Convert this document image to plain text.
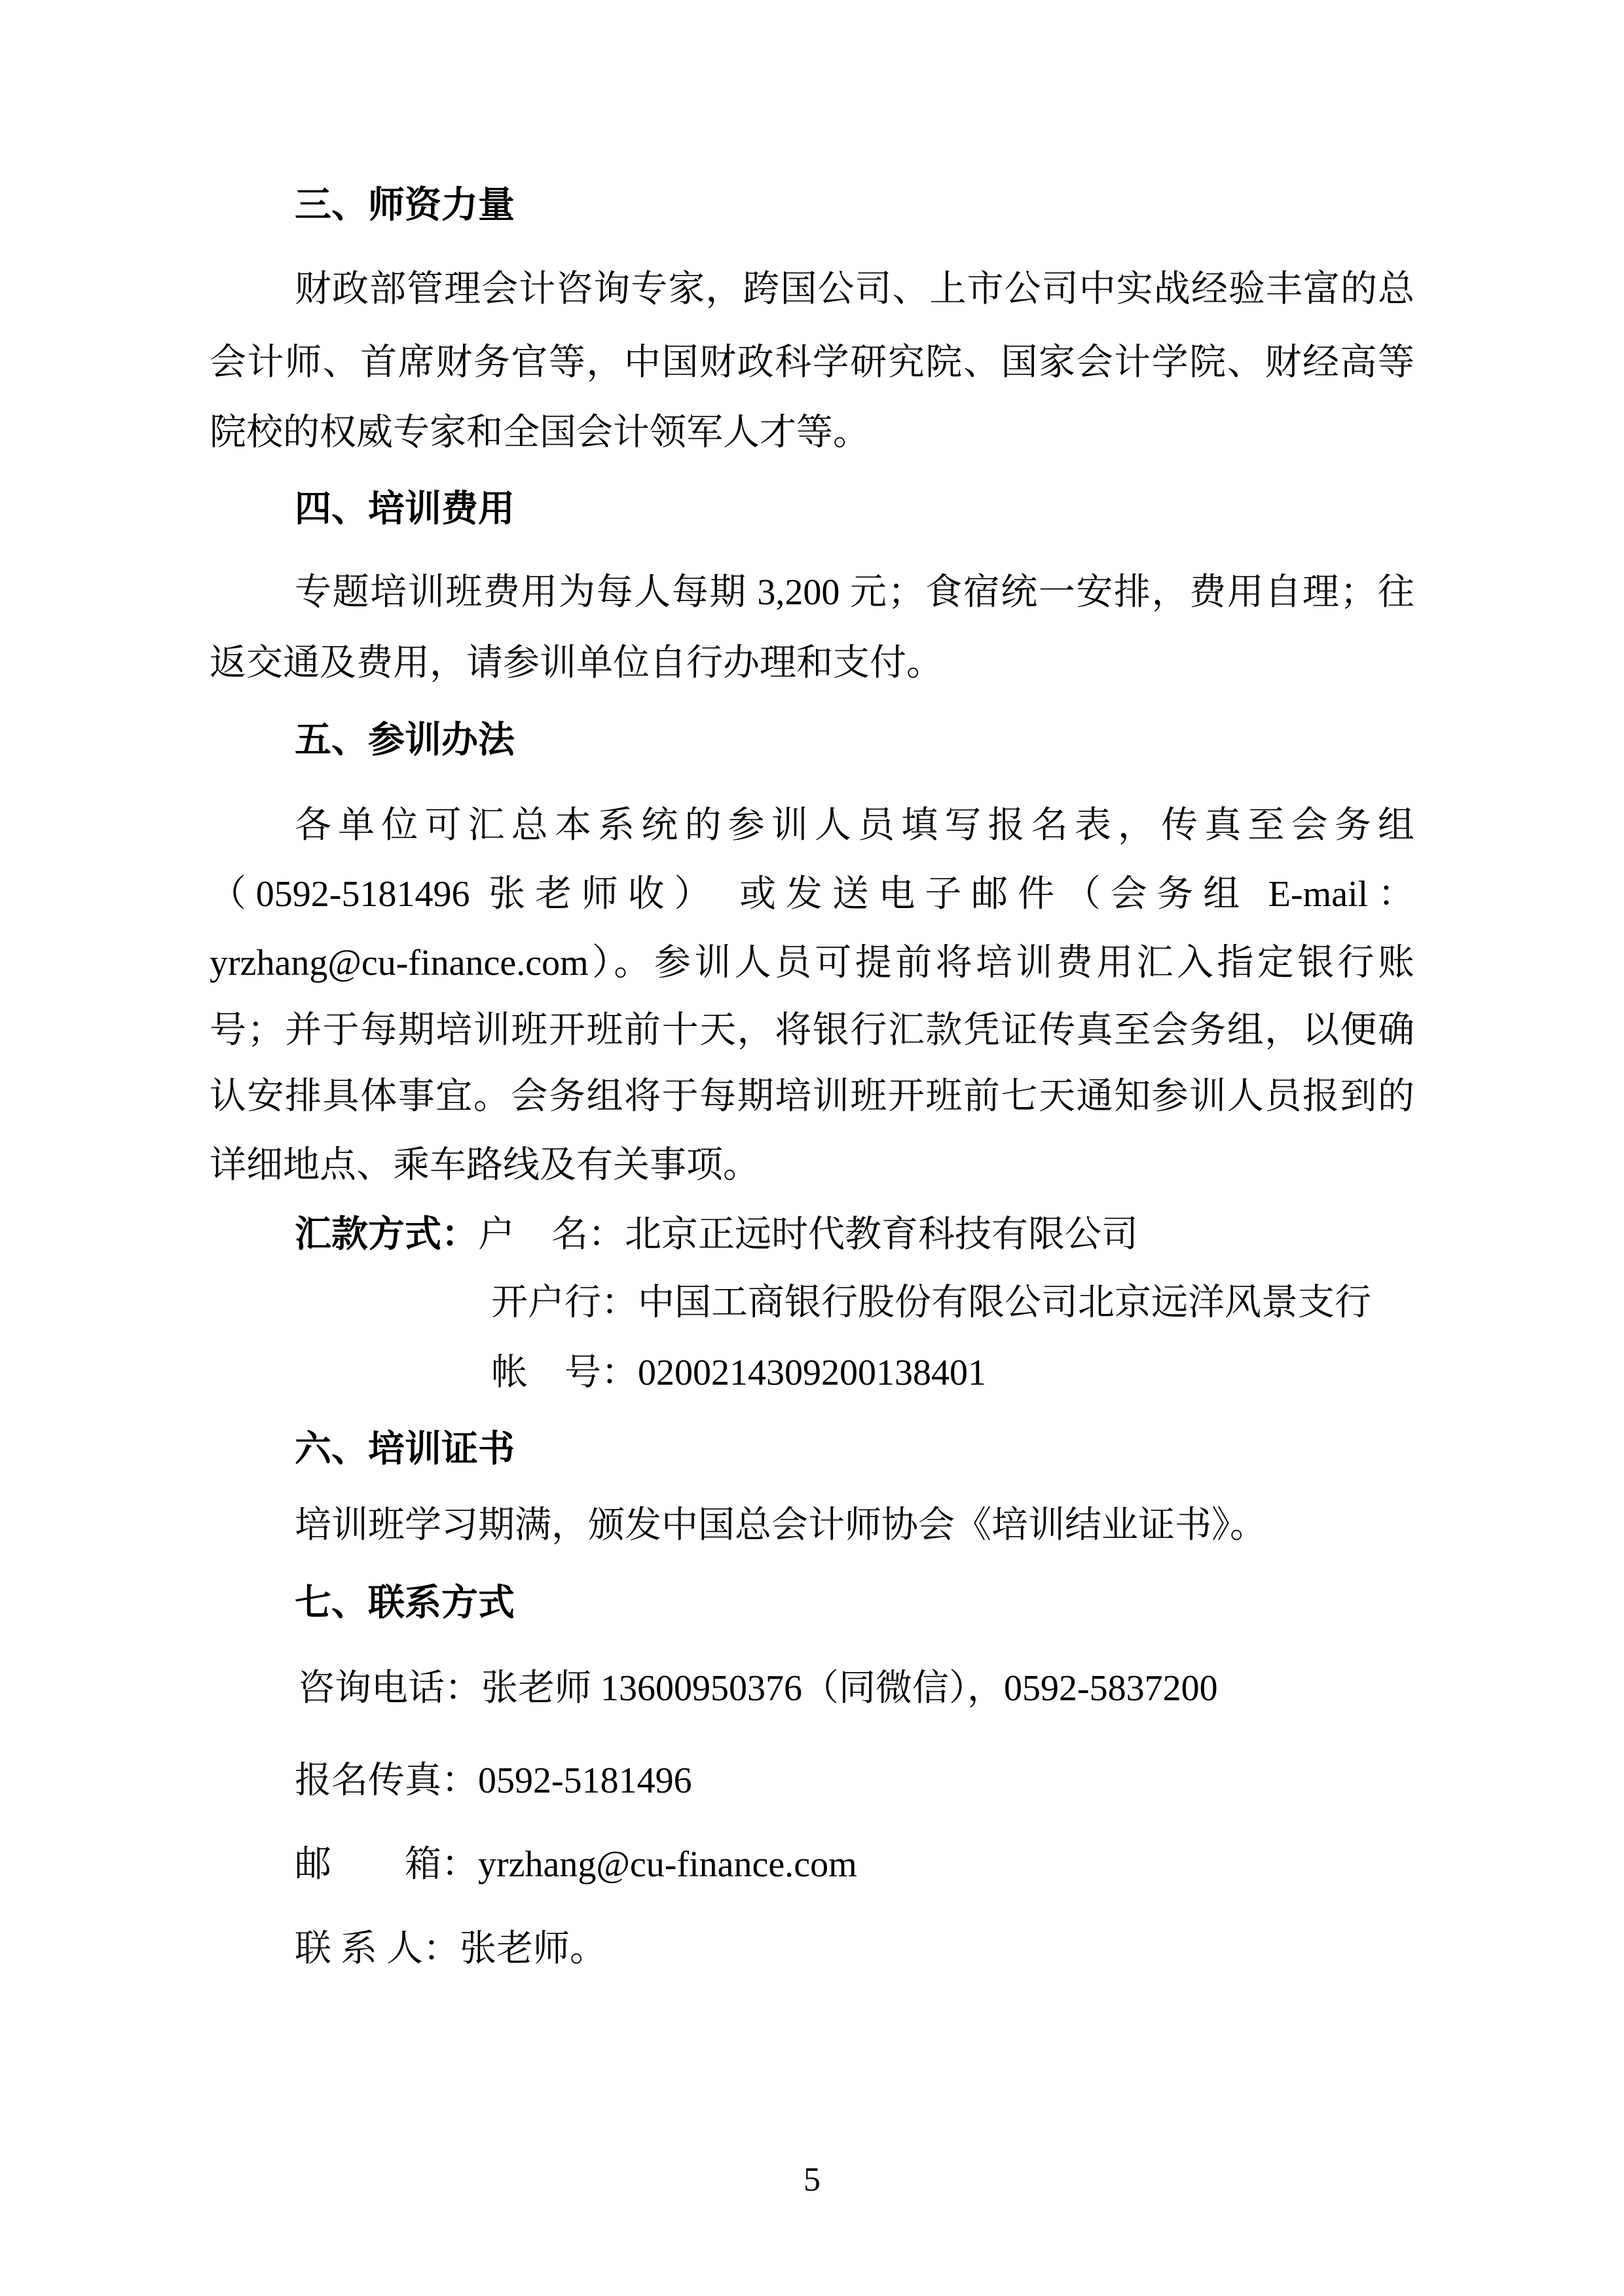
三、师资力量
财政部管理会计咨询专家，跨国公司、上市公司中实战经验丰富的总
会计师、首席财务官等，中国财政科学研究院、国家会计学院、财经高等
院校的权威专家和全国会计领军人才等。
四、培训费用
专题培训班费用为每人每期 3,200 元；食宿统一安排，费用自理；往
返交通及费用，请参训单位自行办理和支付。
五、参训办法
各单位可汇总本系统的参训人员填写报名表，传真至会务组
（0592-5181496 张老师收） 或发送电子邮件（会务组 E-mail：
yrzhang@cu-finance.com）。参训人员可提前将培训费用汇入指定银行账
号；并于每期培训班开班前十天，将银行汇款凭证传真至会务组，以便确
认安排具体事宜。会务组将于每期培训班开班前七天通知参训人员报到的
详细地点、乘车路线及有关事项。
汇款方式：户　名：北京正远时代教育科技有限公司
开户行：中国工商银行股份有限公司北京远洋风景支行
帐　号：0200214309200138401
六、培训证书
培训班学习期满，颁发中国总会计师协会《培训结业证书》。
七、联系方式
咨询电话：张老师 13600950376（同微信），0592-5837200
报名传真：0592-5181496
邮　　箱：yrzhang@cu-finance.com
联 系 人：张老师。
5
